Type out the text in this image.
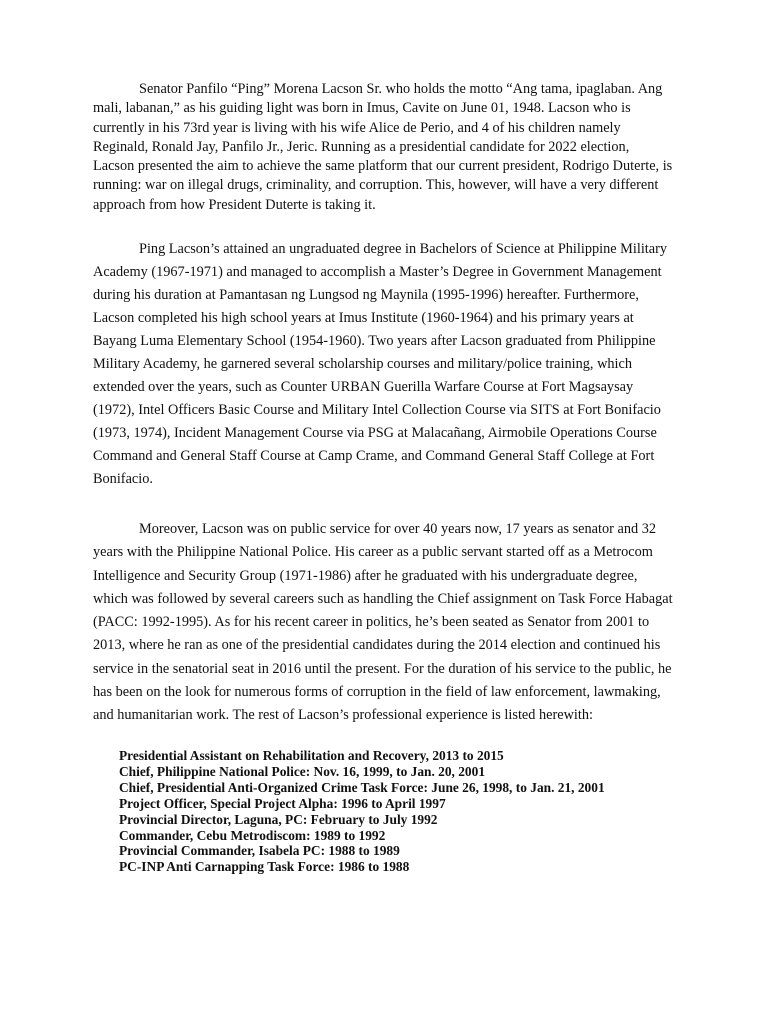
Senator Panfilo “Ping” Morena Lacson Sr. who holds the motto “Ang tama, ipaglaban. Ang mali, labanan,” as his guiding light was born in Imus, Cavite on June 01, 1948. Lacson who is currently in his 73rd year is living with his wife Alice de Perio, and 4 of his children namely Reginald, Ronald Jay, Panfilo Jr., Jeric. Running as a presidential candidate for 2022 election, Lacson presented the aim to achieve the same platform that our current president, Rodrigo Duterte, is running: war on illegal drugs, criminality, and corruption. This, however, will have a very different approach from how President Duterte is taking it.

Ping Lacson’s attained an ungraduated degree in Bachelors of Science at Philippine Military Academy (1967-1971) and managed to accomplish a Master’s Degree in Government Management during his duration at Pamantasan ng Lungsod ng Maynila (1995-1996) hereafter. Furthermore, Lacson completed his high school years at Imus Institute (1960-1964) and his primary years at Bayang Luma Elementary School (1954-1960). Two years after Lacson graduated from Philippine Military Academy, he garnered several scholarship courses and military/police training, which extended over the years, such as Counter URBAN Guerilla Warfare Course at Fort Magsaysay (1972), Intel Officers Basic Course and Military Intel Collection Course via SITS at Fort Bonifacio (1973, 1974), Incident Management Course via PSG at Malacañang, Airmobile Operations Course Command and General Staff Course at Camp Crame, and Command General Staff College at Fort Bonifacio.

Moreover, Lacson was on public service for over 40 years now, 17 years as senator and 32 years with the Philippine National Police. His career as a public servant started off as a Metrocom Intelligence and Security Group (1971-1986) after he graduated with his undergraduate degree, which was followed by several careers such as handling the Chief assignment on Task Force Habagat (PACC: 1992-1995). As for his recent career in politics, he’s been seated as Senator from 2001 to 2013, where he ran as one of the presidential candidates during the 2014 election and continued his service in the senatorial seat in 2016 until the present. For the duration of his service to the public, he has been on the look for numerous forms of corruption in the field of law enforcement, lawmaking, and humanitarian work. The rest of Lacson’s professional experience is listed herewith:

Presidential Assistant on Rehabilitation and Recovery, 2013 to 2015
Chief, Philippine National Police: Nov. 16, 1999, to Jan. 20, 2001
Chief, Presidential Anti-Organized Crime Task Force: June 26, 1998, to Jan. 21, 2001
Project Officer, Special Project Alpha: 1996 to April 1997
Provincial Director, Laguna, PC: February to July 1992
Commander, Cebu Metrodiscom: 1989 to 1992
Provincial Commander, Isabela PC: 1988 to 1989
PC-INP Anti Carnapping Task Force: 1986 to 1988
